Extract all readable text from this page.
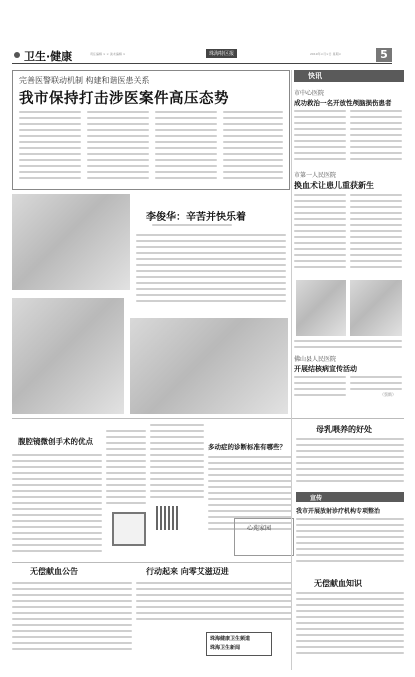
卫生·健康	责任编辑 × × 美术编辑 ×	珠海特区报	2019年×月×日 星期×	5
完善医警联动机制 构建和谐医患关系
我市保持打击涉医案件高压态势
快讯
市中心医院
成功救治一名开放性颅脑损伤患者
市第一人民医院
换血术让患儿重获新生
佛山县人民医院
开展结核病宣传活动
（蔡斯）
李俊华：辛苦并快乐着
腹腔镜微创手术的优点
多动症的诊断标准有哪些？
心苑家园
母乳喂养的好处
宣传
我市开展放射诊疗机构专项整治
无偿献血公告	行动起来 向零艾滋迈进
珠海健康卫生频道
珠海卫生新闻
无偿献血知识
